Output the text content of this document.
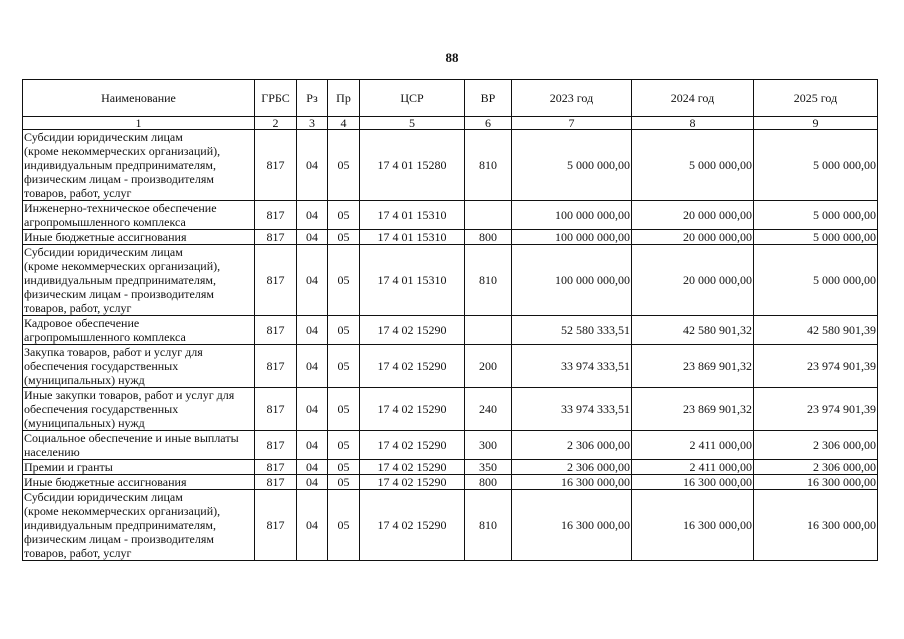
88
Наименование	ГРБС	Рз	Пр	ЦСР	ВР	2023 год	2024 год	2025 год
1	2	3	4	5	6	7	8	9
Субсидии юридическим лицам
(кроме некоммерческих организаций),
индивидуальным предпринимателям,
физическим лицам - производителям
товаров, работ, услуг	817	04	05	17 4 01 15280	810	5 000 000,00	5 000 000,00	5 000 000,00
Инженерно-техническое обеспечение
агропромышленного комплекса	817	04	05	17 4 01 15310		100 000 000,00	20 000 000,00	5 000 000,00
Иные бюджетные ассигнования	817	04	05	17 4 01 15310	800	100 000 000,00	20 000 000,00	5 000 000,00
Субсидии юридическим лицам
(кроме некоммерческих организаций),
индивидуальным предпринимателям,
физическим лицам - производителям
товаров, работ, услуг	817	04	05	17 4 01 15310	810	100 000 000,00	20 000 000,00	5 000 000,00
Кадровое обеспечение
агропромышленного комплекса	817	04	05	17 4 02 15290		52 580 333,51	42 580 901,32	42 580 901,39
Закупка товаров, работ и услуг для
обеспечения государственных
(муниципальных) нужд	817	04	05	17 4 02 15290	200	33 974 333,51	23 869 901,32	23 974 901,39
Иные закупки товаров, работ и услуг для
обеспечения государственных
(муниципальных) нужд	817	04	05	17 4 02 15290	240	33 974 333,51	23 869 901,32	23 974 901,39
Социальное обеспечение и иные выплаты
населению	817	04	05	17 4 02 15290	300	2 306 000,00	2 411 000,00	2 306 000,00
Премии и гранты	817	04	05	17 4 02 15290	350	2 306 000,00	2 411 000,00	2 306 000,00
Иные бюджетные ассигнования	817	04	05	17 4 02 15290	800	16 300 000,00	16 300 000,00	16 300 000,00
Субсидии юридическим лицам
(кроме некоммерческих организаций),
индивидуальным предпринимателям,
физическим лицам - производителям
товаров, работ, услуг	817	04	05	17 4 02 15290	810	16 300 000,00	16 300 000,00	16 300 000,00
